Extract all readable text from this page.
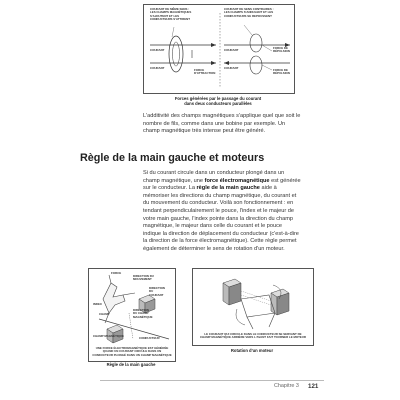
COURANT DE MÊME SENS :
LES CHAMPS MAGNÉTIQUES
S'AJOUTENT ET LES
CONDUCTEURS S'ATTIRENT
COURANT DE SENS CONTRAIRES :
LES CHAMPS S'ANNULENT ET LES
CONDUCTEURS SE REPOUSSENT
COURANT
COURANT	FORCE
D'ATTRACTION
COURANT
COURANT
FORCE DE
RÉPULSION
FORCE DE
RÉPULSION
Forces générées par le passage du courant
dans deux conducteurs parallèles
L'additivité des champs magnétiques s'applique quel que soit le nombre de fils, comme dans une bobine par exemple. Un champ magnétique très intense peut être généré.
Règle de la main gauche et moteurs
Si du courant circule dans un conducteur plongé dans un champ magnétique, une force électromagnétique est générée sur le conducteur. La règle de la main gauche aide à mémoriser les directions du champ magnétique, du courant et du mouvement du conducteur. Voilà son fonctionnement : en tendant perpendiculairement le pouce, l'index et le majeur de votre main gauche, l'index pointe dans la direction du champ magnétique, le majeur dans celle du courant et le pouce indique la direction de déplacement du conducteur (c'est-à-dire la direction de la force électromagnétique). Cette règle permet également de déterminer le sens de rotation d'un moteur.
FORCE
DIRECTION DU MOUVEMENT
INDEX
DIRECTION
DU
COURANT
CHAMP
DIRECTION
DU CHAMP
MAGNÉTIQUE
CHAMP MAGNÉTIQUE	CONDUCTEUR
UNE FORCE ÉLECTROMAGNÉTIQUE EST GÉNÉRÉE
QUAND UN COURANT CIRCULE DANS UN
CONDUCTEUR PLONGÉ DANS UN CHAMP MAGNÉTIQUE
Règle de la main gauche
LE COURANT QUI CIRCULE DANS LE CONDUCTEUR SE SERVANT DE
CHAMP MAGNÉTIQUE ARRIÈRE VERS L'AVANT FAIT TOURNER LE MOTEUR
Rotation d'un moteur
Chapitre 3 121
